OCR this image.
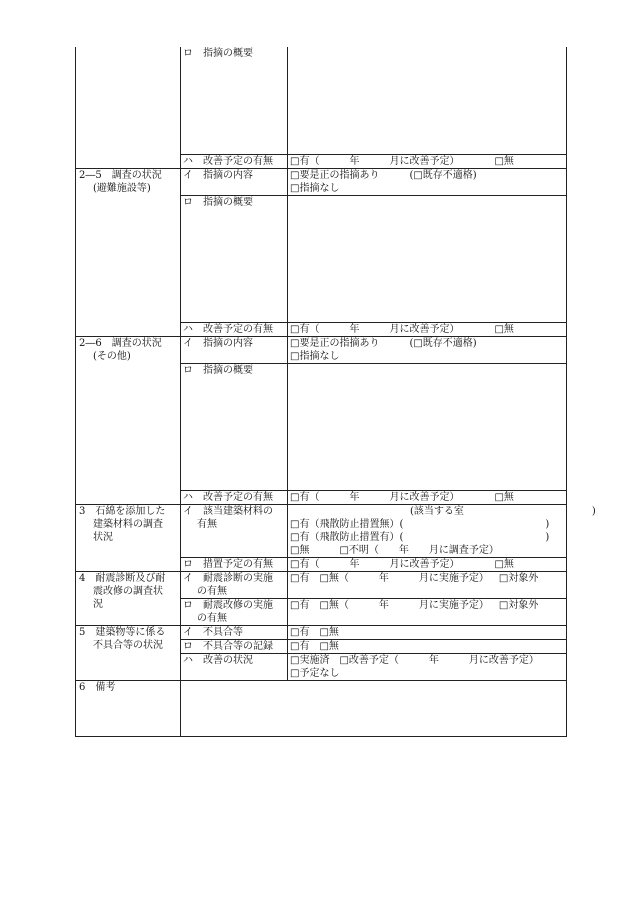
	ロ　指摘の概要	

	ハ　改善予定の有無	□有（　　　年　　　月に改善予定） □無

2―5　調査の状況
(避難施設等)	イ　指摘の内容	□要是正の指摘あり　　　(□既存不適格)
□指摘なし

	ロ　指摘の概要	

	ハ　改善予定の有無	□有（　　　年　　　月に改善予定） □無

2―6　調査の状況
(その他)	イ　指摘の内容	□要是正の指摘あり　　　(□既存不適格)
□指摘なし

	ロ　指摘の概要	

	ハ　改善予定の有無	□有（　　　年　　　月に改善予定） □無

3　石綿を添加した
建築材料の調査
状況	イ　該当建築材料の
有無	(該当する室 )
□有（飛散防止措置無）( )
□有（飛散防止措置有）( )
□無　　　□不明（　　年　　月に調査予定）

	ロ　措置予定の有無	□有（　　　年　　　月に改善予定） □無

4　耐震診断及び耐
震改修の調査状
況	イ　耐震診断の実施
の有無	□有　□無（　　　年　　　月に実施予定） □対象外

	ロ　耐震改修の実施
の有無	□有　□無（　　　年　　　月に実施予定） □対象外

5　建築物等に係る
不具合等の状況	イ　不具合等	□有　□無

	ロ　不具合等の記録	□有　□無

	ハ　改善の状況	□実施済　□改善予定（　　　年　　　月に改善予定）
□予定なし

6　備考		
